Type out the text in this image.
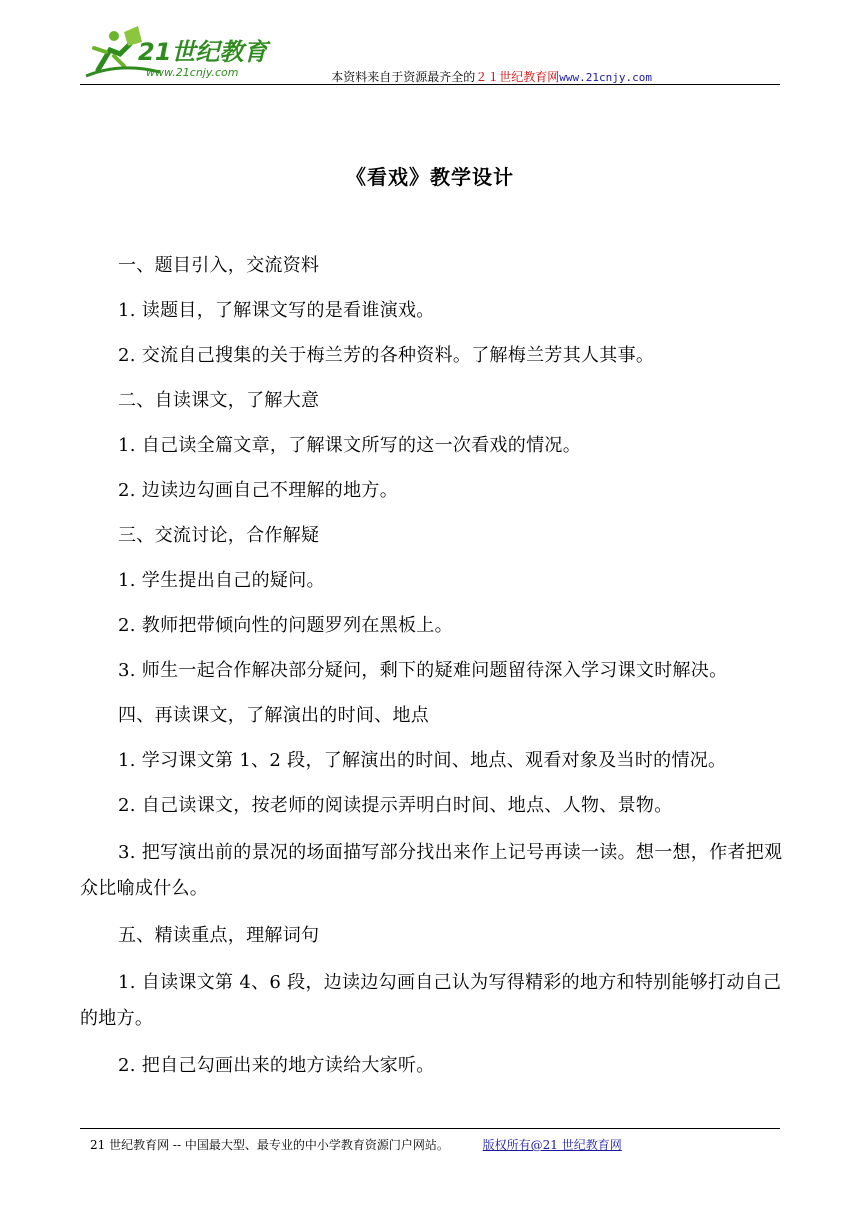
21世纪教育
www.21cnjy.com	本资料来自于资源最齐全的２１世纪教育网www.21cnjy.com
《看戏》教学设计

一、题目引入，交流资料

1. 读题目，了解课文写的是看谁演戏。

2. 交流自己搜集的关于梅兰芳的各种资料。了解梅兰芳其人其事。

二、自读课文，了解大意

1. 自己读全篇文章，了解课文所写的这一次看戏的情况。

2. 边读边勾画自己不理解的地方。

三、交流讨论，合作解疑

1. 学生提出自己的疑问。

2. 教师把带倾向性的问题罗列在黑板上。

3. 师生一起合作解决部分疑问，剩下的疑难问题留待深入学习课文时解决。

四、再读课文，了解演出的时间、地点

1. 学习课文第 1、2 段，了解演出的时间、地点、观看对象及当时的情况。

2. 自己读课文，按老师的阅读提示弄明白时间、地点、人物、景物。

3. 把写演出前的景况的场面描写部分找出来作上记号再读一读。想一想，作者把观众比喻成什么。

五、精读重点，理解词句

1. 自读课文第 4、6 段，边读边勾画自己认为写得精彩的地方和特别能够打动自己的地方。

2. 把自己勾画出来的地方读给大家听。

21 世纪教育网 -- 中国最大型、最专业的中小学教育资源门户网站。	版权所有@21 世纪教育网
